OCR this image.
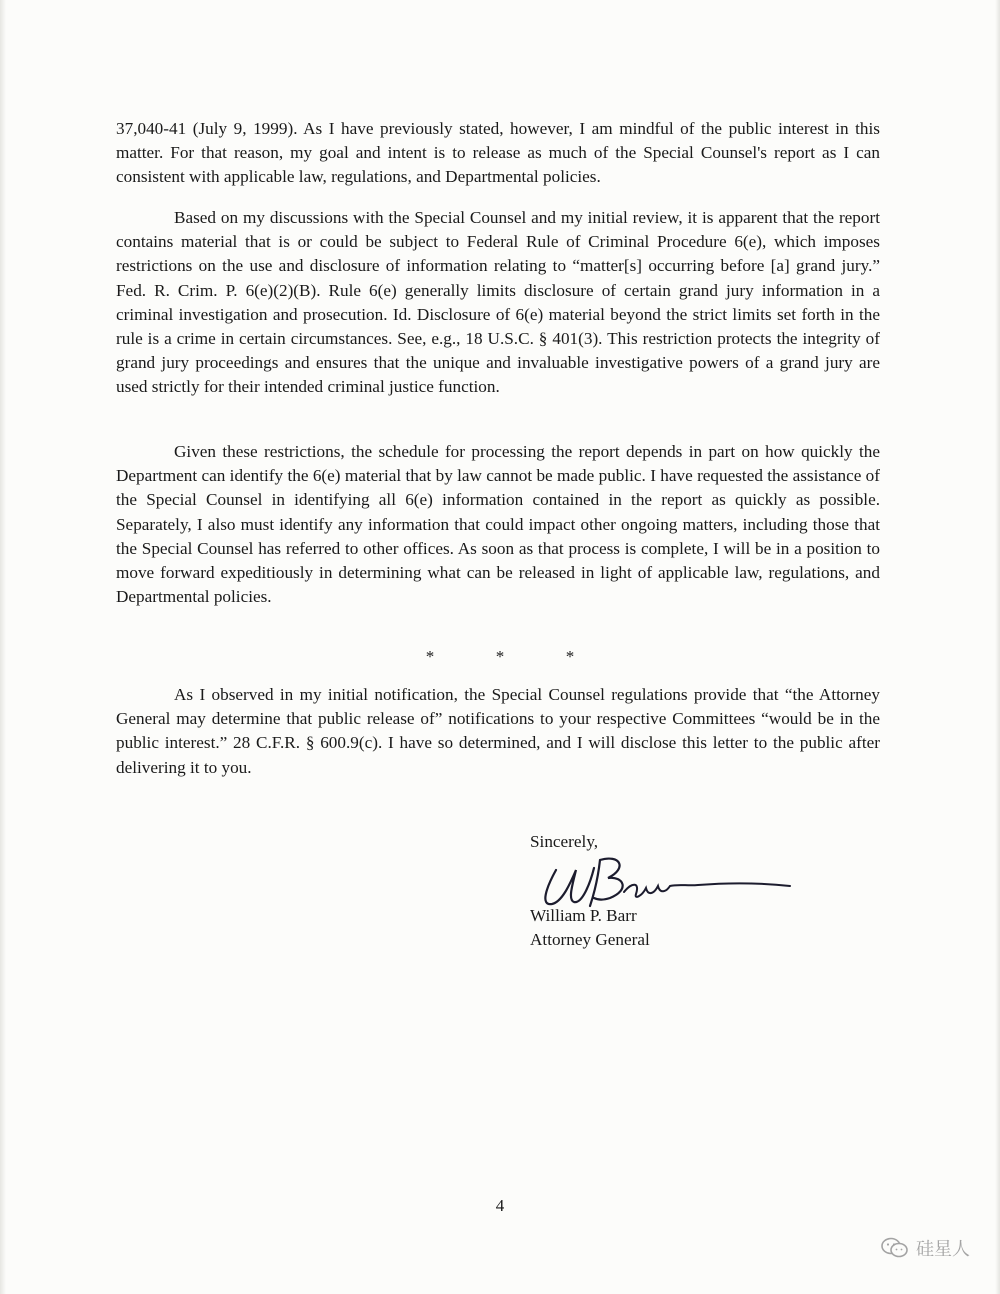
37,040-41 (July 9, 1999). As I have previously stated, however, I am mindful of the public interest in this matter. For that reason, my goal and intent is to release as much of the Special Counsel's report as I can consistent with applicable law, regulations, and Departmental policies.

Based on my discussions with the Special Counsel and my initial review, it is apparent that the report contains material that is or could be subject to Federal Rule of Criminal Procedure 6(e), which imposes restrictions on the use and disclosure of information relating to “matter[s] occurring before [a] grand jury.” Fed. R. Crim. P. 6(e)(2)(B). Rule 6(e) generally limits disclosure of certain grand jury information in a criminal investigation and prosecution. Id. Disclosure of 6(e) material beyond the strict limits set forth in the rule is a crime in certain circumstances. See, e.g., 18 U.S.C. § 401(3). This restriction protects the integrity of grand jury proceedings and ensures that the unique and invaluable investigative powers of a grand jury are used strictly for their intended criminal justice function.

Given these restrictions, the schedule for processing the report depends in part on how quickly the Department can identify the 6(e) material that by law cannot be made public. I have requested the assistance of the Special Counsel in identifying all 6(e) information contained in the report as quickly as possible. Separately, I also must identify any information that could impact other ongoing matters, including those that the Special Counsel has referred to other offices. As soon as that process is complete, I will be in a position to move forward expeditiously in determining what can be released in light of applicable law, regulations, and Departmental policies.

*	*	*

As I observed in my initial notification, the Special Counsel regulations provide that “the Attorney General may determine that public release of” notifications to your respective Committees “would be in the public interest.” 28 C.F.R. § 600.9(c). I have so determined, and I will disclose this letter to the public after delivering it to you.

Sincerely,
William P. Barr
Attorney General
4
硅星人
